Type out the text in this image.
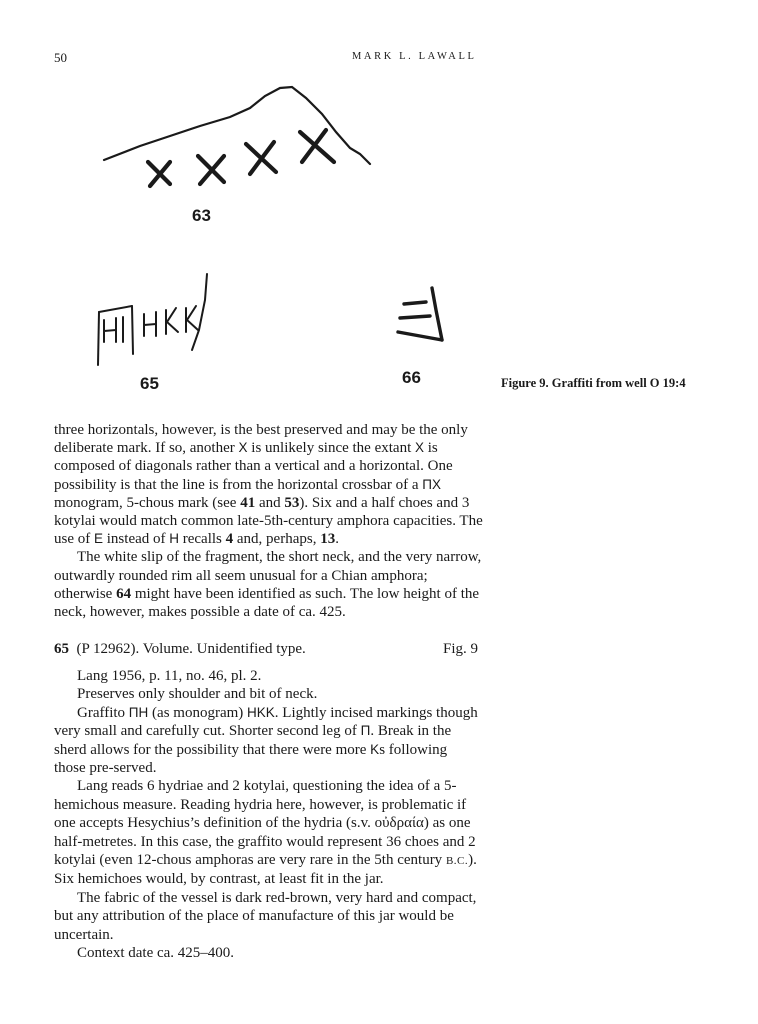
50	MARK L. LAWALL
63
65	66	Figure 9. Graffiti from well O 19:4

three horizontals, however, is the best preserved and may be the only deliberate mark. If so, another X is unlikely since the extant X is composed of diagonals rather than a vertical and a horizontal. One possibility is that the line is from the horizontal crossbar of a ΠΧ monogram, 5-chous mark (see 41 and 53). Six and a half choes and 3 kotylai would match common late-5th-century amphora capacities. The use of E instead of H recalls 4 and, perhaps, 13.

The white slip of the fragment, the short neck, and the very narrow, outwardly rounded rim all seem unusual for a Chian amphora; otherwise 64 might have been identified as such. The low height of the neck, however, makes possible a date of ca. 425.

65 (P 12962). Volume. Unidentified type.	Fig. 9

Lang 1956, p. 11, no. 46, pl. 2.

Preserves only shoulder and bit of neck.

Graffito ΠΗ (as monogram) ΗΚΚ. Lightly incised markings though very small and carefully cut. Shorter second leg of Π. Break in the sherd allows for the possibility that there were more Ks following those pre-served.

Lang reads 6 hydriae and 2 kotylai, questioning the idea of a 5-hemichous measure. Reading hydria here, however, is problematic if one accepts Hesychius’s definition of the hydria (s.v. οὐδραία) as one half-metretes. In this case, the graffito would represent 36 choes and 2 kotylai (even 12-chous amphoras are very rare in the 5th century B.C.). Six hemichoes would, by contrast, at least fit in the jar.

The fabric of the vessel is dark red-brown, very hard and compact, but any attribution of the place of manufacture of this jar would be uncertain.

Context date ca. 425–400.
